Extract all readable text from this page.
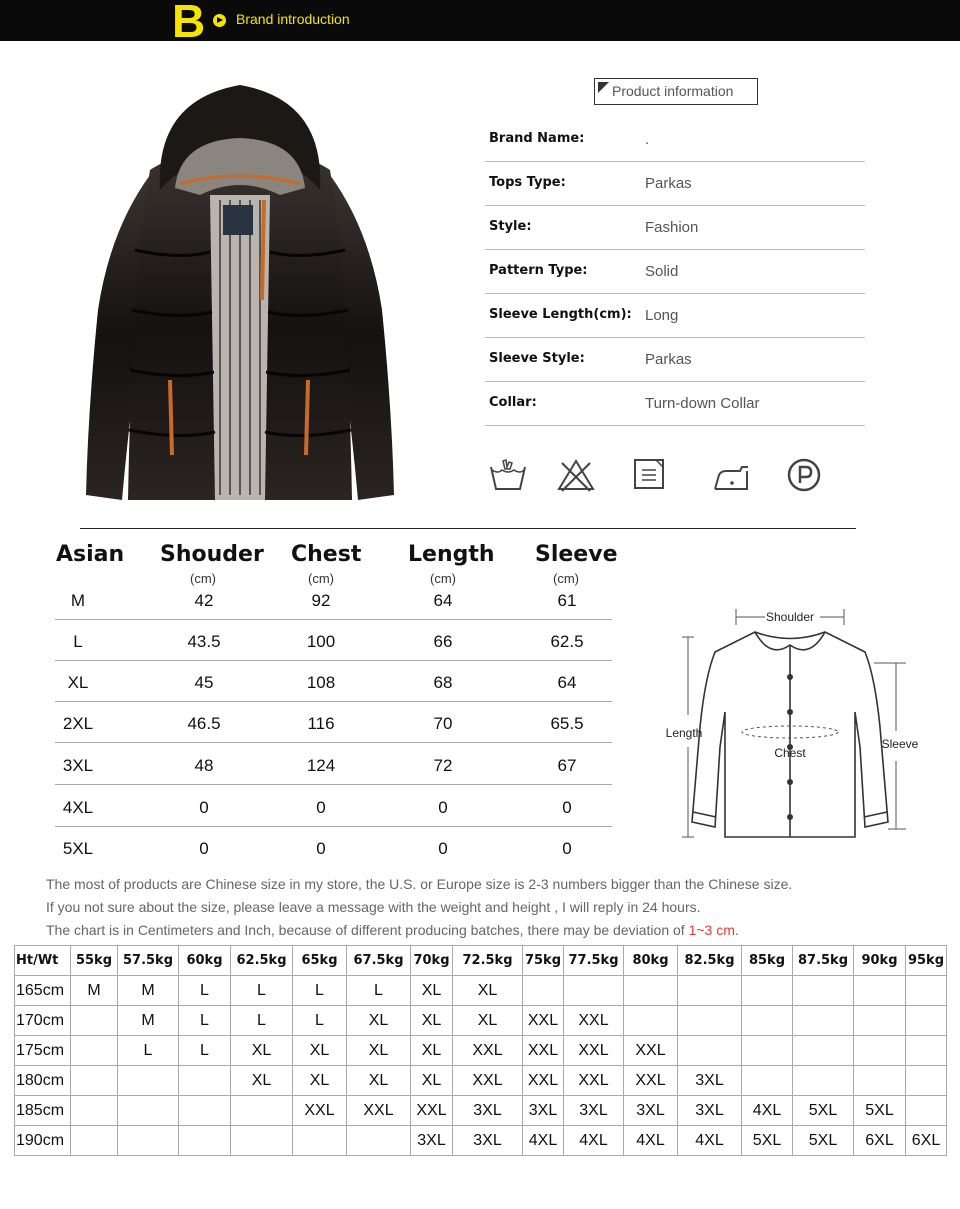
B Brand introduction
Product information
Brand Name:	.
Tops Type:	Parkas
Style:	Fashion
Pattern Type:	Solid
Sleeve Length(cm): Long
Sleeve Style:	Parkas
Collar:	Turn-down Collar
Asian Shouder Chest Length Sleeve
(cm)	(cm)	(cm)	(cm)
M	42	92	64	61
L	43.5	100	66	62.5
XL	45	108	68	64
2XL	46.5	116	70	65.5
3XL	48	124	72	67
4XL	0	0	0	0
5XL	0	0	0	0
Shoulder
Length
Chest
Sleeve
The most of products are Chinese size in my store, the U.S. or Europe size is 2-3 numbers bigger than the Chinese size.
If you not sure about the size, please leave a message with the weight and height , I will reply in 24 hours.
The chart is in Centimeters and Inch, because of different producing batches, there may be deviation of 1~3 cm.
Ht/Wt	55kg	57.5kg	60kg	62.5kg	65kg	67.5kg	70kg	72.5kg	75kg	77.5kg	80kg	82.5kg	85kg	87.5kg	90kg	95kg
165cm	M	M	L	L	L	L	XL	XL								
170cm		M	L	L	L	XL	XL	XL	XXL	XXL						
175cm		L	L	XL	XL	XL	XL	XXL	XXL	XXL	XXL					
180cm				XL	XL	XL	XL	XXL	XXL	XXL	XXL	3XL				
185cm					XXL	XXL	XXL	3XL	3XL	3XL	3XL	3XL	4XL	5XL	5XL	
190cm							3XL	3XL	4XL	4XL	4XL	4XL	5XL	5XL	6XL	6XL
